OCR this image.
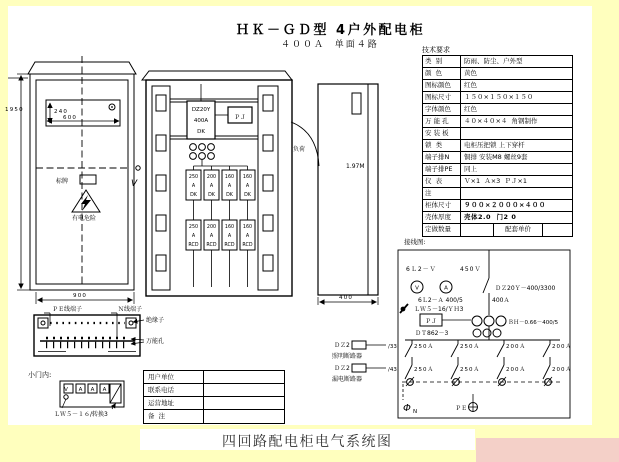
1950
900
240
600
标牌
有电危险
V
ＰＥ线端子	Ｎ线端子
绝缘子
万能孔
小门内:
V A A A
ＬＷ５－１６/转换3
DZ20Y
400A
DK
ＰＪ
250
A
DK
200
A
DK
160
A
DK
160
A
DK
250
A
RCD
200
A
RCD
160
A
RCD
160
A
RCD
负荷
1.97M
400
6Ｌ2－Ｖ	450Ｖ
V	A	ＤＺ20Ｙ－400/3300
6Ｌ2－Ａ 400/5	400Ａ
ＬＷ５－16/ＹＨ3
ＰＪ	ＢＨ－0.66－400/5
ＤＴ862－3
/33	250Ａ	250Ａ	200Ａ	200Ａ
/43	250Ａ	250Ａ	200Ａ	200Ａ
ＤＺ2
照明断路器
ＤＺ2
漏电断路器
Φ N	ＰＥ
ＨＫ－ＧＤ型 4户外配电柜
４００Ａ  单面４路	技术要求
类  别	防雨、防尘、户外型
颜  色	黄色
图标颜色	红色
图标尺寸	１５０×１５０×１５０
字体颜色	红色
万 能 孔	４０×４０×４  角钢制作
安 装 板
锁  类	电柜压把锁 上下穿杆
端子排N	铜排 安装M8 螺丝9套
端子排PE	同上
仪  表	Ｖ×1  Ａ×3  ＰＪ×1
注
柜体尺寸	９００×２０００×４００
壳体厚度	壳体2.0  门2 0
定做数量	配套单价
接线图:
用户单位
联系电话
运营地址
备  注
四回路配电柜电气系统图
